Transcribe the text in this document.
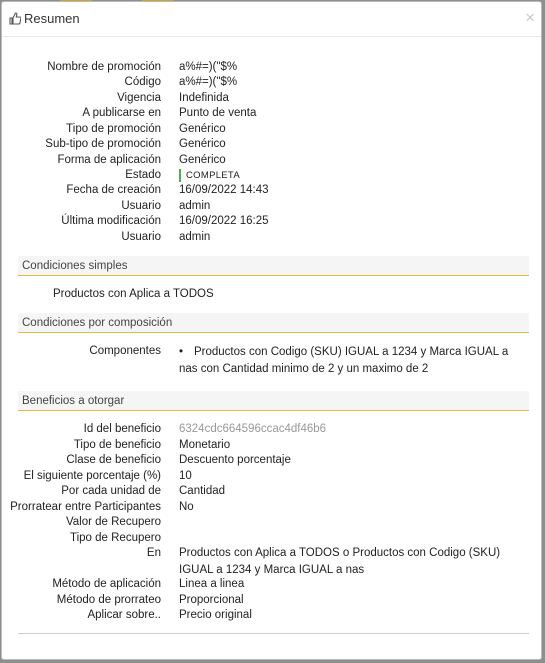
Resumen	×
Nombre de promoción a%#=)("$%
Código a%#=)("$%
Vigencia Indefinida
A publicarse en Punto de venta
Tipo de promoción Genérico
Sub-tipo de promoción Genérico
Forma de aplicación Genérico
Estado	COMPLETA
Fecha de creación 16/09/2022 14:43
Usuario admin
Última modificación 16/09/2022 16:25
Usuario admin
Condiciones simples
Productos con Aplica a TODOS
Condiciones por composición
Componentes • Productos con Codigo (SKU) IGUAL a 1234 y Marca IGUAL a nas con Cantidad minimo de 2 y un maximo de 2
Beneficios a otorgar
Id del beneficio 6324cdc664596ccac4df46b6
Tipo de beneficio Monetario
Clase de beneficio Descuento porcentaje
El siguiente porcentaje (%) 10
Por cada unidad de Cantidad
Prorratear entre Participantes No
Valor de Recupero
Tipo de Recupero
En Productos con Aplica a TODOS o Productos con Codigo (SKU) IGUAL a 1234 y Marca IGUAL a nas
Método de aplicación Linea a linea
Método de prorrateo Proporcional
Aplicar sobre.. Precio original
